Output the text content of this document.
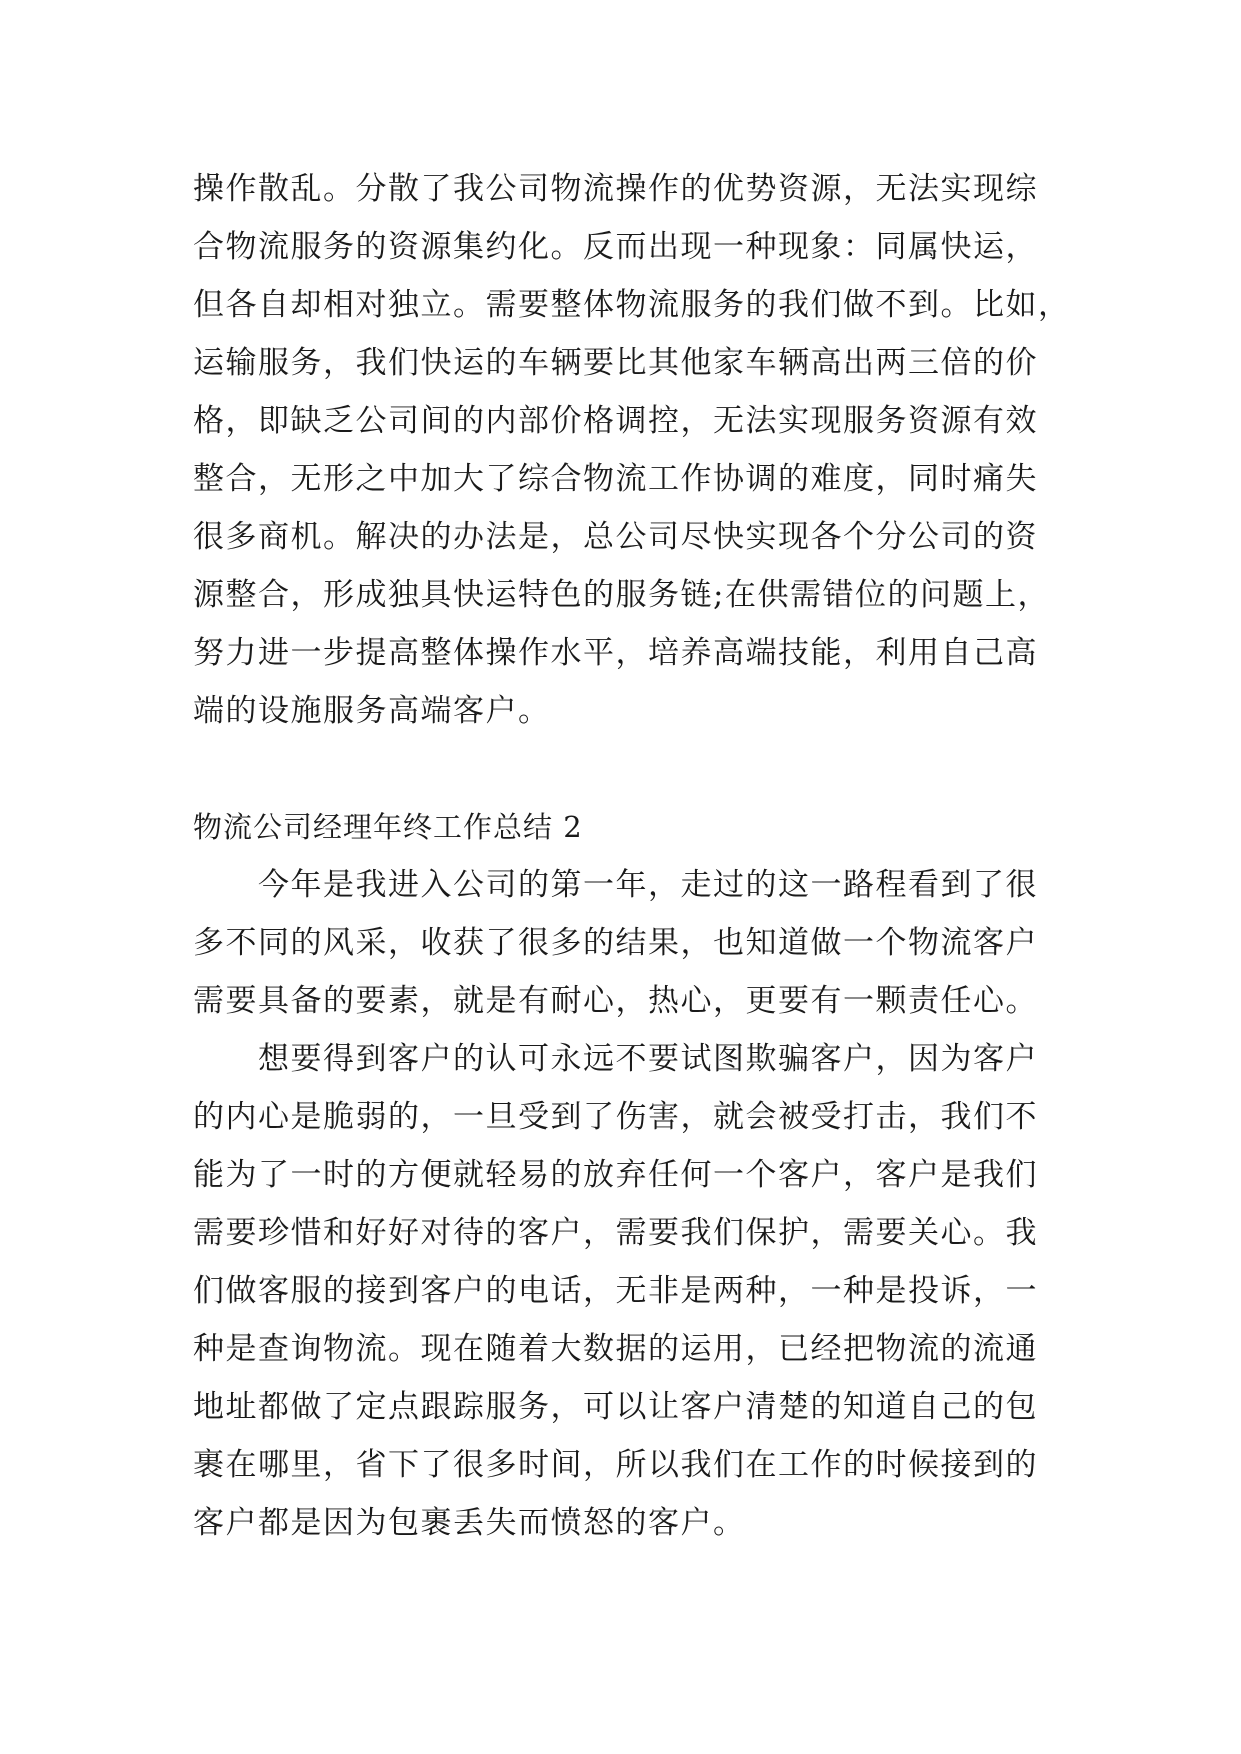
操作散乱。分散了我公司物流操作的优势资源，无法实现综
合物流服务的资源集约化。反而出现一种现象：同属快运，
但各自却相对独立。需要整体物流服务的我们做不到。比如，
运输服务，我们快运的车辆要比其他家车辆高出两三倍的价
格，即缺乏公司间的内部价格调控，无法实现服务资源有效
整合，无形之中加大了综合物流工作协调的难度，同时痛失
很多商机。解决的办法是，总公司尽快实现各个分公司的资
源整合，形成独具快运特色的服务链;在供需错位的问题上，
努力进一步提高整体操作水平，培养高端技能，利用自己高
端的设施服务高端客户。
物流公司经理年终工作总结 2
　　今年是我进入公司的第一年，走过的这一路程看到了很
多不同的风采，收获了很多的结果，也知道做一个物流客户
需要具备的要素，就是有耐心，热心，更要有一颗责任心。
　　想要得到客户的认可永远不要试图欺骗客户，因为客户
的内心是脆弱的，一旦受到了伤害，就会被受打击，我们不
能为了一时的方便就轻易的放弃任何一个客户，客户是我们
需要珍惜和好好对待的客户，需要我们保护，需要关心。我
们做客服的接到客户的电话，无非是两种，一种是投诉，一
种是查询物流。现在随着大数据的运用，已经把物流的流通
地址都做了定点跟踪服务，可以让客户清楚的知道自己的包
裹在哪里，省下了很多时间，所以我们在工作的时候接到的
客户都是因为包裹丢失而愤怒的客户。
